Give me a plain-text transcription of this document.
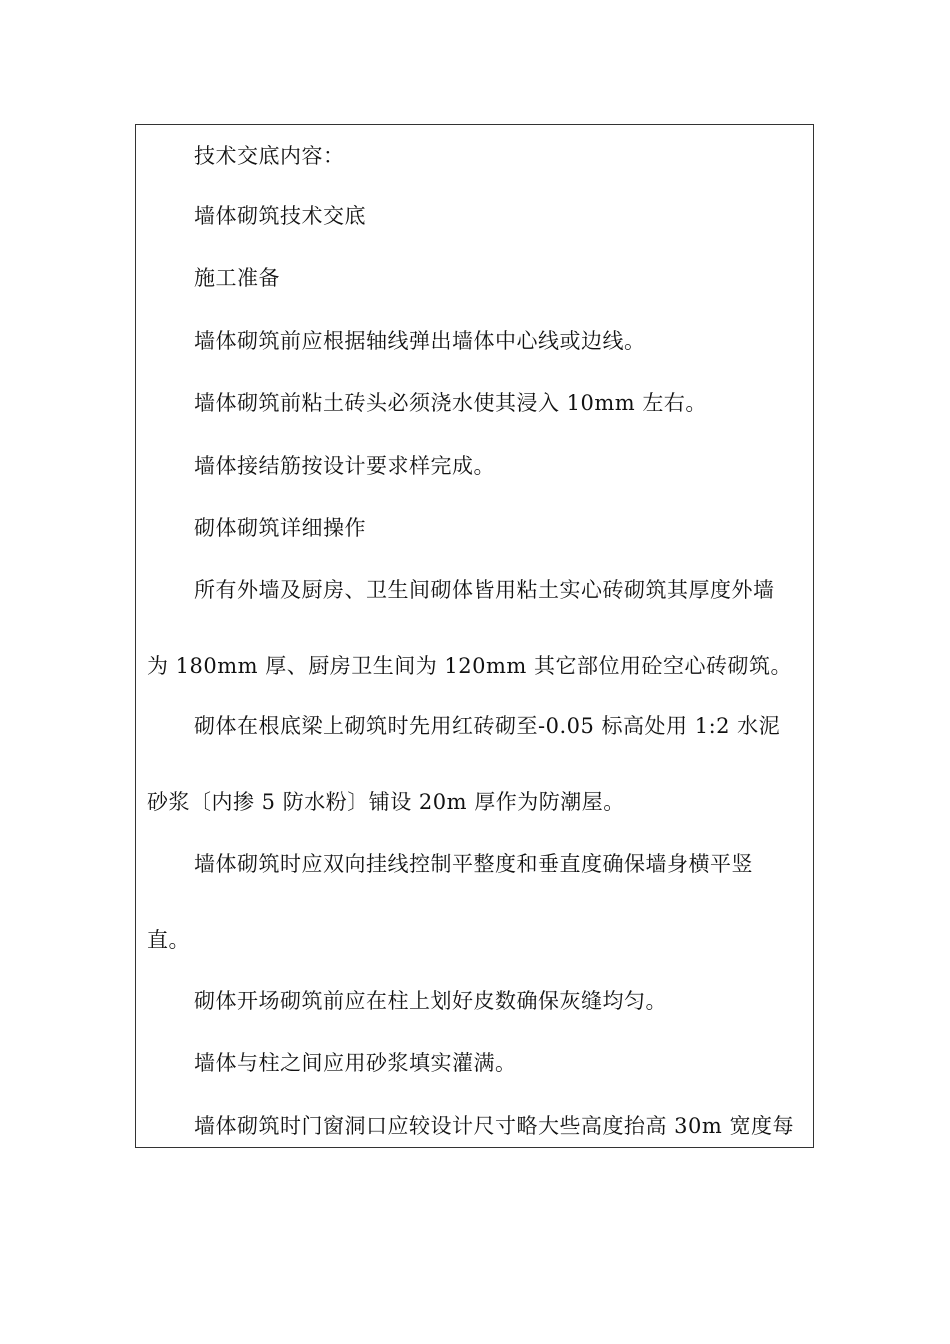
技术交底内容：
墙体砌筑技术交底
施工准备
墙体砌筑前应根据轴线弹出墙体中心线或边线。
墙体砌筑前粘土砖头必须浇水使其浸入 10mm 左右。
墙体接结筋按设计要求样完成。
砌体砌筑详细操作
所有外墙及厨房、卫生间砌体皆用粘土实心砖砌筑其厚度外墙
为 180mm 厚、厨房卫生间为 120mm 其它部位用砼空心砖砌筑。
砌体在根底梁上砌筑时先用红砖砌至-0.05 标高处用 1:2 水泥
砂浆〔内掺 5 防水粉〕铺设 20m 厚作为防潮屋。
墙体砌筑时应双向挂线控制平整度和垂直度确保墙身横平竖
直。
砌体开场砌筑前应在柱上划好皮数确保灰缝均匀。
墙体与柱之间应用砂浆填实灌满。
墙体砌筑时门窗洞口应较设计尺寸略大些高度抬高 30m 宽度每
